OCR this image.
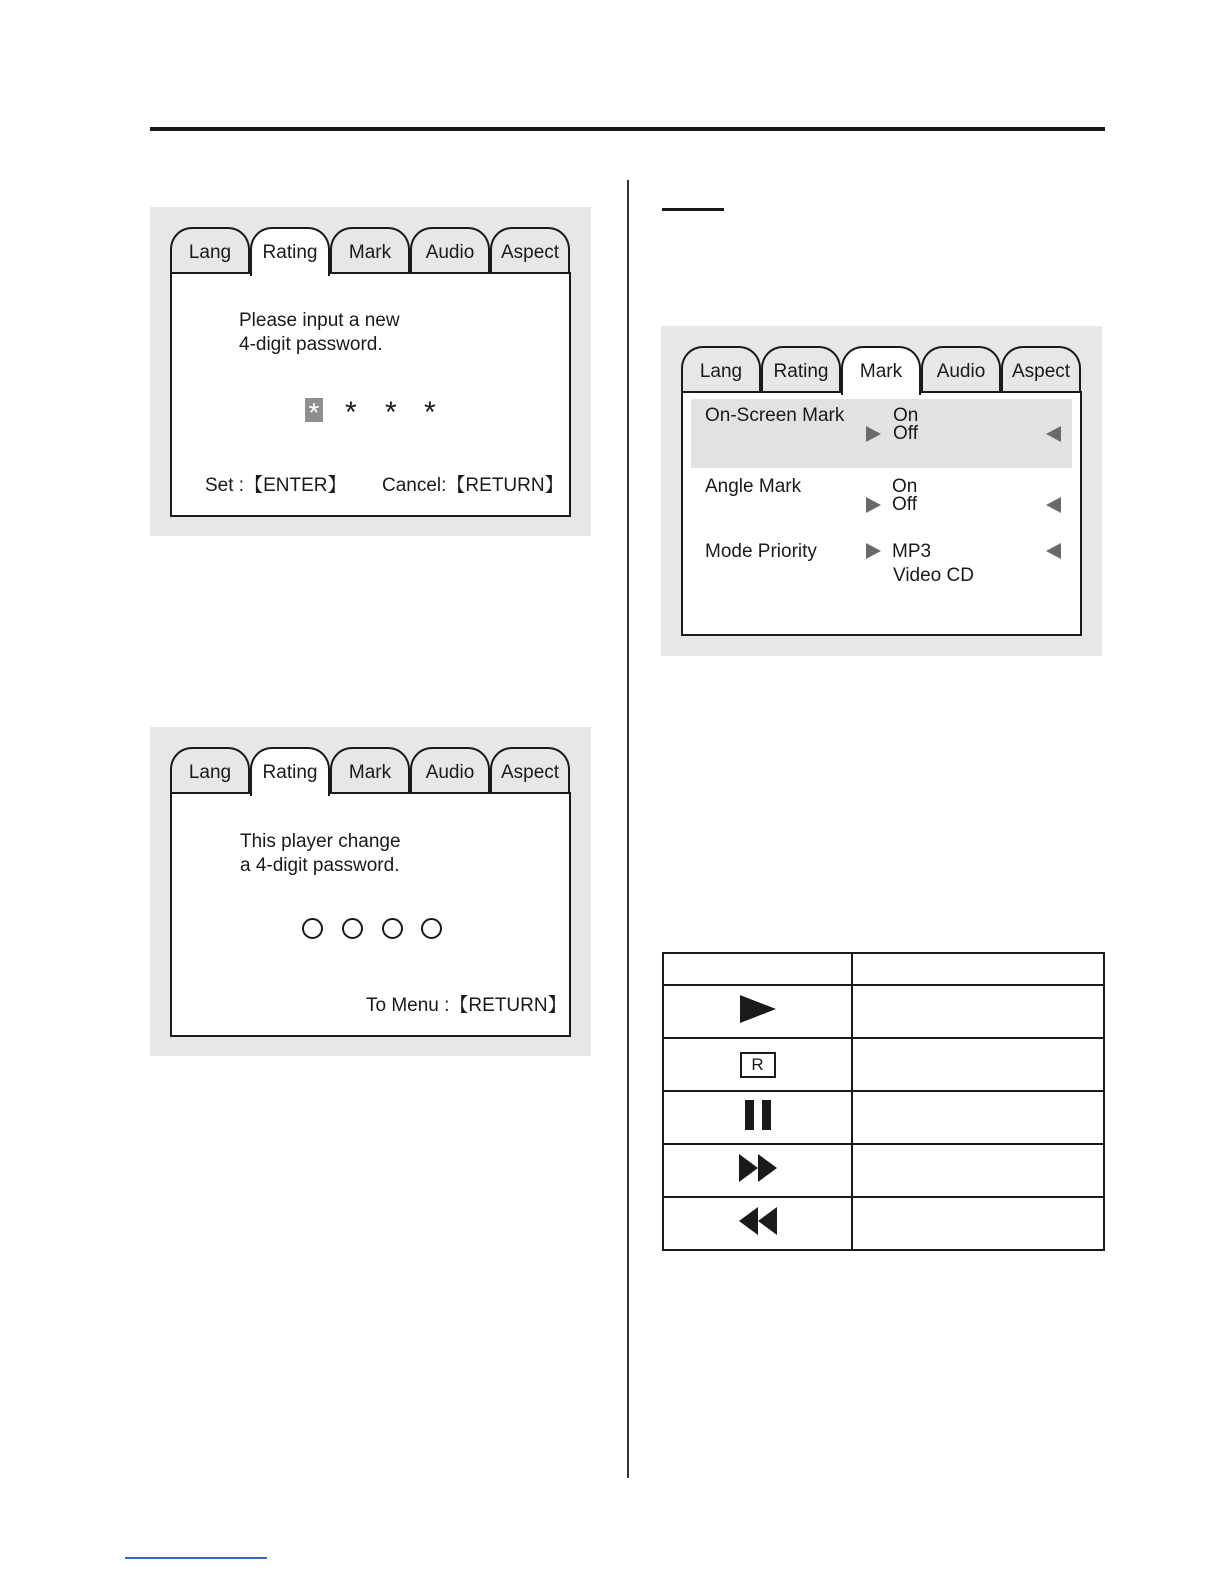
Lang	Rating	Mark	Audio	Aspect
Please input a new
4-digit password.
* * * *
Set :【ENTER】 Cancel:【RETURN】
Lang	Rating	Mark	Audio	Aspect
This player change
a 4-digit password.
To Menu :【RETURN】
Lang	Rating	Mark	Audio	Aspect
On-Screen Mark	On
Off
Angle Mark	On
Off
Mode Priority	MP3
Video CD

R	
